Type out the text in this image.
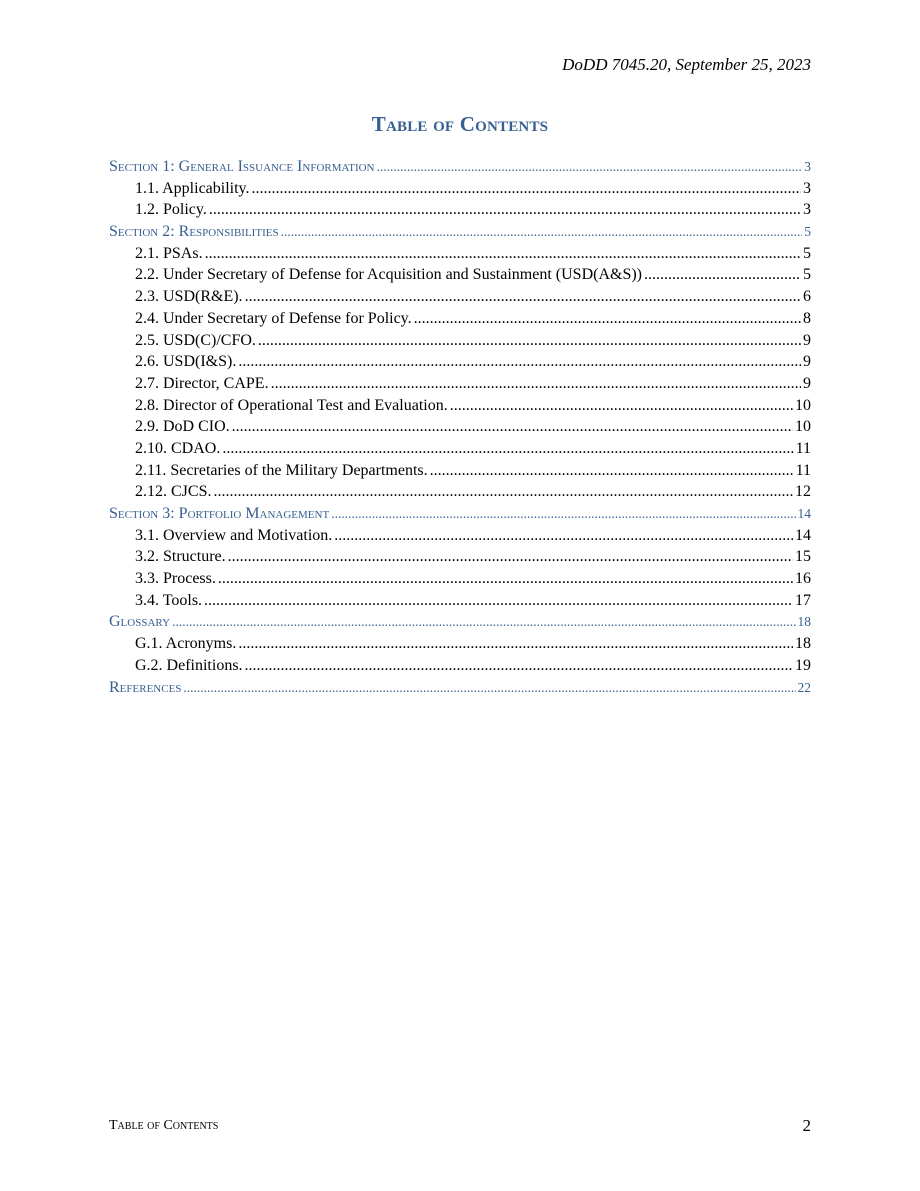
DoDD 7045.20, September 25, 2023
Table of Contents
Section 1: General Issuance Information .....	3
1.1. Applicability. .....	3
1.2. Policy. .....	3
Section 2: Responsibilities .....	5
2.1. PSAs. .....	5
2.2. Under Secretary of Defense for Acquisition and Sustainment (USD(A&S)) .....	5
2.3. USD(R&E). .....	6
2.4. Under Secretary of Defense for Policy. .....	8
2.5. USD(C)/CFO. .....	9
2.6. USD(I&S). .....	9
2.7. Director, CAPE. .....	9
2.8. Director of Operational Test and Evaluation. .....	10
2.9. DoD CIO. .....	10
2.10. CDAO. .....	11
2.11. Secretaries of the Military Departments. .....	11
2.12. CJCS. .....	12
Section 3: Portfolio Management .....	14
3.1. Overview and Motivation. .....	14
3.2. Structure. .....	15
3.3. Process. .....	16
3.4. Tools. .....	17
Glossary .....	18
G.1. Acronyms. .....	18
G.2. Definitions. .....	19
References .....	22
Table of Contents	2
